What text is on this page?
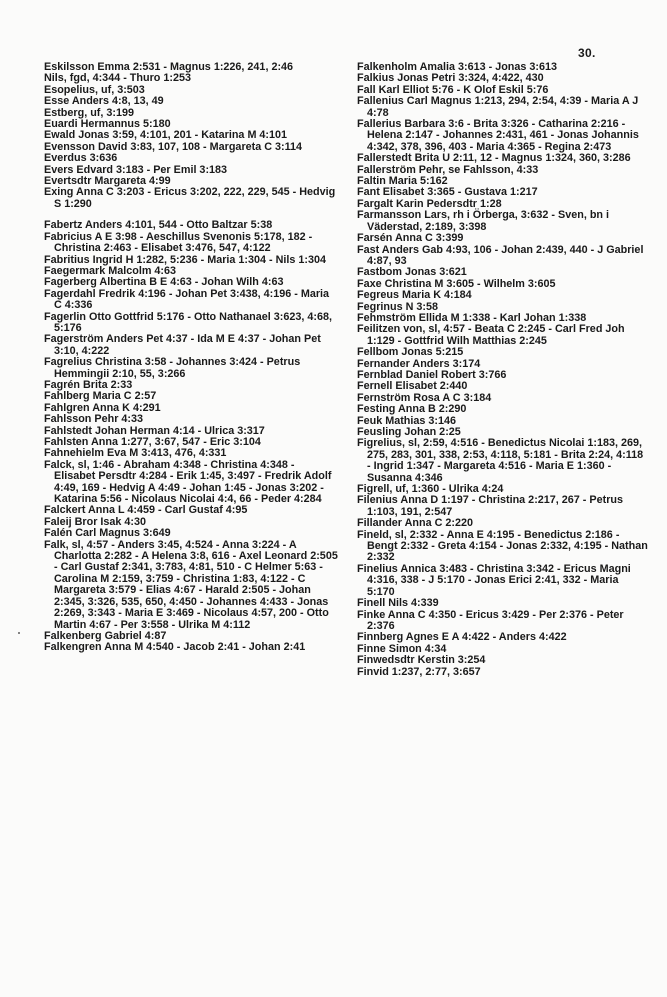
30.

Eskilsson Emma 2:531 - Magnus 1:226, 241, 2:46

Nils, fgd, 4:344 - Thuro 1:253

Esopelius, uf, 3:503

Esse Anders 4:8, 13, 49

Estberg, uf, 3:199

Euardi Hermannus 5:180

Ewald Jonas 3:59, 4:101, 201 - Katarina M 4:101

Evensson David 3:83, 107, 108 - Margareta C 3:114

Everdus 3:636

Evers Edvard 3:183 - Per Emil 3:183

Evertsdtr Margareta 4:99

Exing Anna C 3:203 - Ericus 3:202, 222, 229, 545 - Hedvig S 1:290

Fabertz Anders 4:101, 544 - Otto Baltzar 5:38

Fabricius A E 3:98 - Aeschillus Svenonis 5:178, 182 - Christina 2:463 - Elisabet 3:476, 547, 4:122

Fabritius Ingrid H 1:282, 5:236 - Maria 1:304 - Nils 1:304

Faegermark Malcolm 4:63

Fagerberg Albertina B E 4:63 - Johan Wilh 4:63

Fagerdahl Fredrik 4:196 - Johan Pet 3:438, 4:196 - Maria C 4:336

Fagerlin Otto Gottfrid 5:176 - Otto Nathanael 3:623, 4:68, 5:176

Fagerström Anders Pet 4:37 - Ida M E 4:37 - Johan Pet 3:10, 4:222

Fagrelius Christina 3:58 - Johannes 3:424 - Petrus Hemmingii 2:10, 55, 3:266

Fagrén Brita 2:33

Fahlberg Maria C 2:57

Fahlgren Anna K 4:291

Fahlsson Pehr 4:33

Fahlstedt Johan Herman 4:14 - Ulrica 3:317

Fahlsten Anna 1:277, 3:67, 547 - Eric 3:104

Fahnehielm Eva M 3:413, 476, 4:331

Falck, sl, 1:46 - Abraham 4:348 - Christina 4:348 - Elisabet Persdtr 4:284 - Erik 1:45, 3:497 - Fredrik Adolf 4:49, 169 - Hedvig A 4:49 - Johan 1:45 - Jonas 3:202 - Katarina 5:56 - Nicolaus Nicolai 4:4, 66 - Peder 4:284

Falckert Anna L 4:459 - Carl Gustaf 4:95

Faleij Bror Isak 4:30

Falén Carl Magnus 3:649

Falk, sl, 4:57 - Anders 3:45, 4:524 - Anna 3:224 - A Charlotta 2:282 - A Helena 3:8, 616 - Axel Leonard 2:505 - Carl Gustaf 2:341, 3:783, 4:81, 510 - C Helmer 5:63 - Carolina M 2:159, 3:759 - Christina 1:83, 4:122 - C Margareta 3:579 - Elias 4:67 - Harald 2:505 - Johan 2:345, 3:326, 535, 650, 4:450 - Johannes 4:433 - Jonas 2:269, 3:343 - Maria E 3:469 - Nicolaus 4:57, 200 - Otto Martin 4:67 - Per 3:558 - Ulrika M 4:112

Falkenberg Gabriel 4:87

Falkengren Anna M 4:540 - Jacob 2:41 - Johan 2:41

Falkenholm Amalia 3:613 - Jonas 3:613

Falkius Jonas Petri 3:324, 4:422, 430

Fall Karl Elliot 5:76 - K Olof Eskil 5:76

Fallenius Carl Magnus 1:213, 294, 2:54, 4:39 - Maria A J 4:78

Fallerius Barbara 3:6 - Brita 3:326 - Catharina 2:216 - Helena 2:147 - Johannes 2:431, 461 - Jonas Johannis 4:342, 378, 396, 403 - Maria 4:365 - Regina 2:473

Fallerstedt Brita U 2:11, 12 - Magnus 1:324, 360, 3:286

Fallerström Pehr, se Fahlsson, 4:33

Faltin Maria 5:162

Fant Elisabet 3:365 - Gustava 1:217

Fargalt Karin Pedersdtr 1:28

Farmansson Lars, rh i Örberga, 3:632 - Sven, bn i Väderstad, 2:189, 3:398

Farsén Anna C 3:399

Fast Anders Gab 4:93, 106 - Johan 2:439, 440 - J Gabriel 4:87, 93

Fastbom Jonas 3:621

Faxe Christina M 3:605 - Wilhelm 3:605

Fegreus Maria K 4:184

Fegrinus N 3:58

Fehmström Ellida M 1:338 - Karl Johan 1:338

Feilitzen von, sl, 4:57 - Beata C 2:245 - Carl Fred Joh 1:129 - Gottfrid Wilh Matthias 2:245

Fellbom Jonas 5:215

Fernander Anders 3:174

Fernblad Daniel Robert 3:766

Fernell Elisabet 2:440

Fernström Rosa A C 3:184

Festing Anna B 2:290

Feuk Mathias 3:146

Feusling Johan 2:25

Figrelius, sl, 2:59, 4:516 - Benedictus Nicolai 1:183, 269, 275, 283, 301, 338, 2:53, 4:118, 5:181 - Brita 2:24, 4:118 - Ingrid 1:347 - Margareta 4:516 - Maria E 1:360 - Susanna 4:346

Figrell, uf, 1:360 - Ulrika 4:24

Filenius Anna D 1:197 - Christina 2:217, 267 - Petrus 1:103, 191, 2:547

Fillander Anna C 2:220

Fineld, sl, 2:332 - Anna E 4:195 - Benedictus 2:186 - Bengt 2:332 - Greta 4:154 - Jonas 2:332, 4:195 - Nathan 2:332

Finelius Annica 3:483 - Christina 3:342 - Ericus Magni 4:316, 338 - J 5:170 - Jonas Erici 2:41, 332 - Maria 5:170

Finell Nils 4:339

Finke Anna C 4:350 - Ericus 3:429 - Per 2:376 - Peter 2:376

Finnberg Agnes E A 4:422 - Anders 4:422

Finne Simon 4:34

Finwedsdtr Kerstin 3:254

Finvid 1:237, 2:77, 3:657
